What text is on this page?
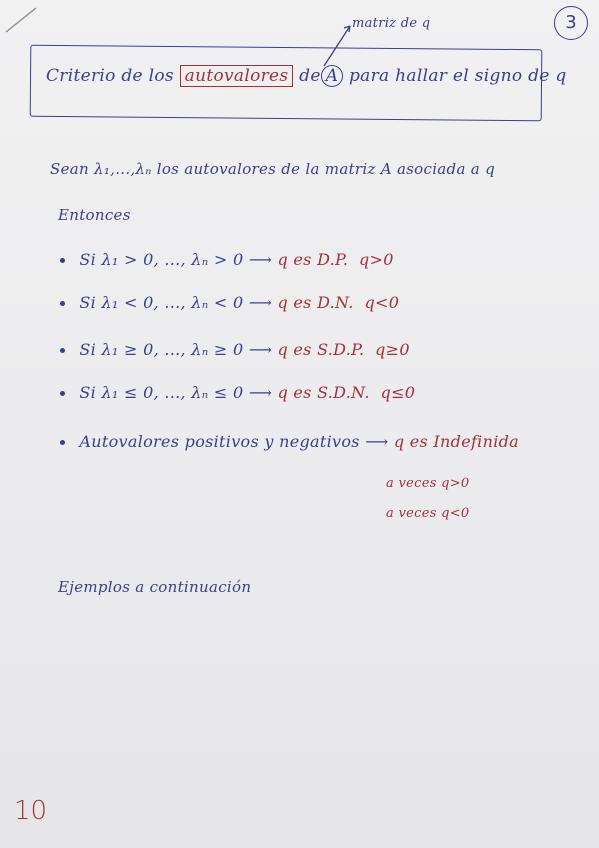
3
matriz de q
Criterio de los autovalores de A para hallar el signo de q
Sean λ₁,...,λₙ los autovalores de la matriz A asociada a q
Entonces
Si λ₁ > 0, ..., λₙ > 0 ⟶ q es D.P. q>0
Si λ₁ < 0, ..., λₙ < 0 ⟶ q es D.N. q<0
Si λ₁ ≥ 0, ..., λₙ ≥ 0 ⟶ q es S.D.P. q≥0
Si λ₁ ≤ 0, ..., λₙ ≤ 0 ⟶ q es S.D.N. q≤0
Autovalores positivos y negativos ⟶ q es Indefinida
a veces q>0
a veces q<0
Ejemplos a continuación
10
